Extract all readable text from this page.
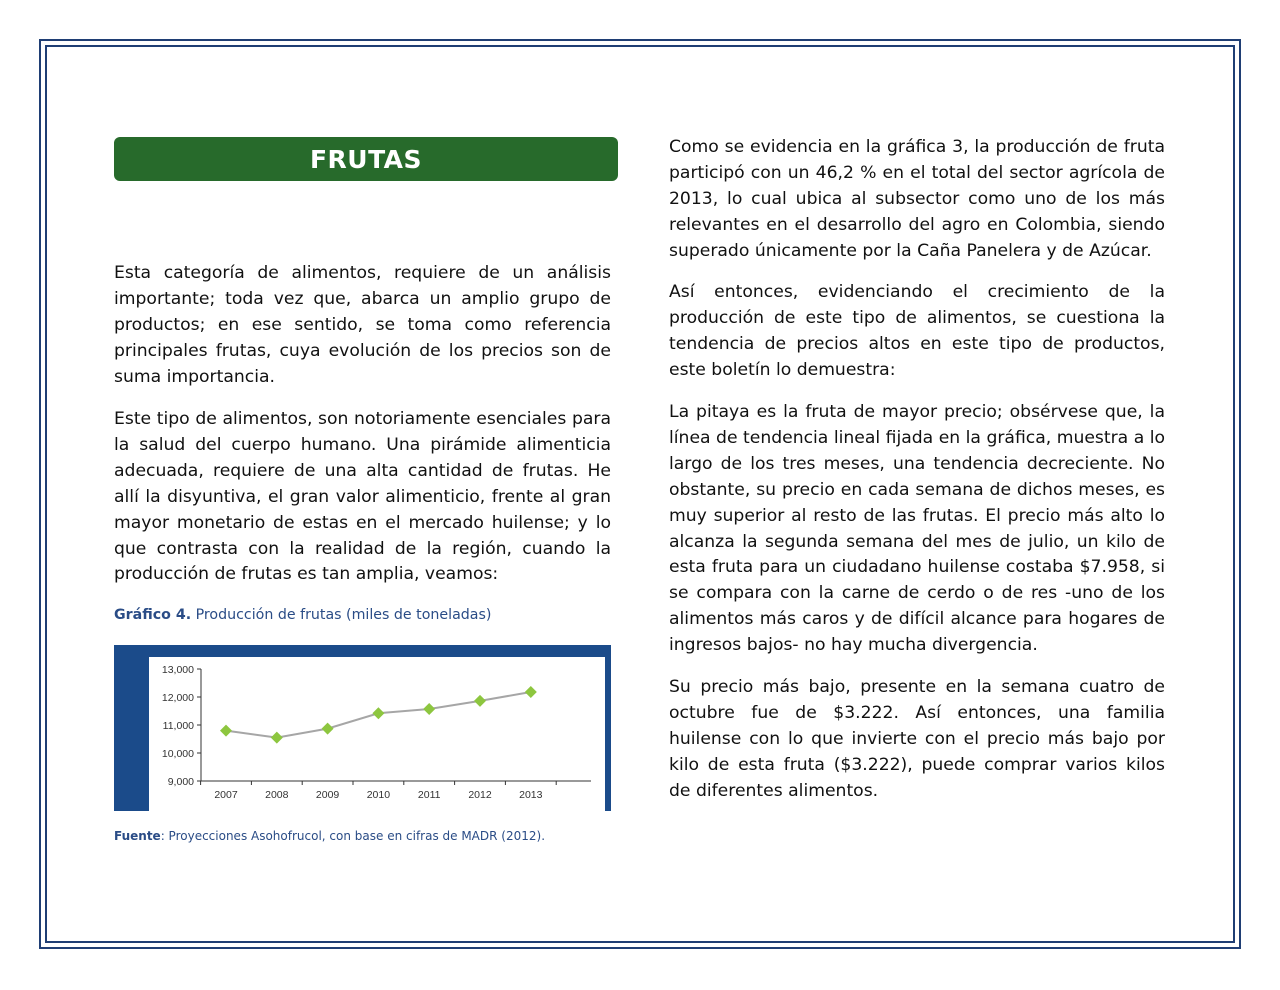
FRUTAS

Esta categoría de alimentos, requiere de un análisis importante; toda vez que, abarca un amplio grupo de productos; en ese sentido, se toma como referencia principales frutas, cuya evolución de los precios son de suma importancia.

Este tipo de alimentos, son notoriamente esenciales para la salud del cuerpo humano. Una pirámide alimenticia adecuada, requiere de una alta cantidad de frutas. He allí la disyuntiva, el gran valor alimenticio, frente al gran mayor monetario de estas en el mercado huilense; y lo que contrasta con la realidad de la región, cuando la producción de frutas es tan amplia, veamos:

Gráfico 4. Producción de frutas (miles de toneladas)

9,000
10,000
11,000
12,000
13,000
2007	2008	2009	2010	2011	2012	2013

Fuente: Proyecciones Asohofrucol, con base en cifras de MADR (2012).

Como se evidencia en la gráfica 3, la producción de fruta participó con un 46,2 % en el total del sector agrícola de 2013, lo cual ubica al subsector como uno de los más relevantes en el desarrollo del agro en Colombia, siendo superado únicamente por la Caña Panelera y de Azúcar.

Así entonces, evidenciando el crecimiento de la producción de este tipo de alimentos, se cuestiona la tendencia de precios altos en este tipo de productos, este boletín lo demuestra:

La pitaya es la fruta de mayor precio; obsérvese que, la línea de tendencia lineal fijada en la gráfica, muestra a lo largo de los tres meses, una tendencia decreciente. No obstante, su precio en cada semana de dichos meses, es muy superior al resto de las frutas. El precio más alto lo alcanza la segunda semana del mes de julio, un kilo de esta fruta para un ciudadano huilense costaba $7.958, si se compara con la carne de cerdo o de res -uno de los alimentos más caros y de difícil alcance para hogares de ingresos bajos- no hay mucha divergencia.

Su precio más bajo, presente en la semana cuatro de octubre fue de $3.222. Así entonces, una familia huilense con lo que invierte con el precio más bajo por kilo de esta fruta ($3.222), puede comprar varios kilos de diferentes alimentos.
